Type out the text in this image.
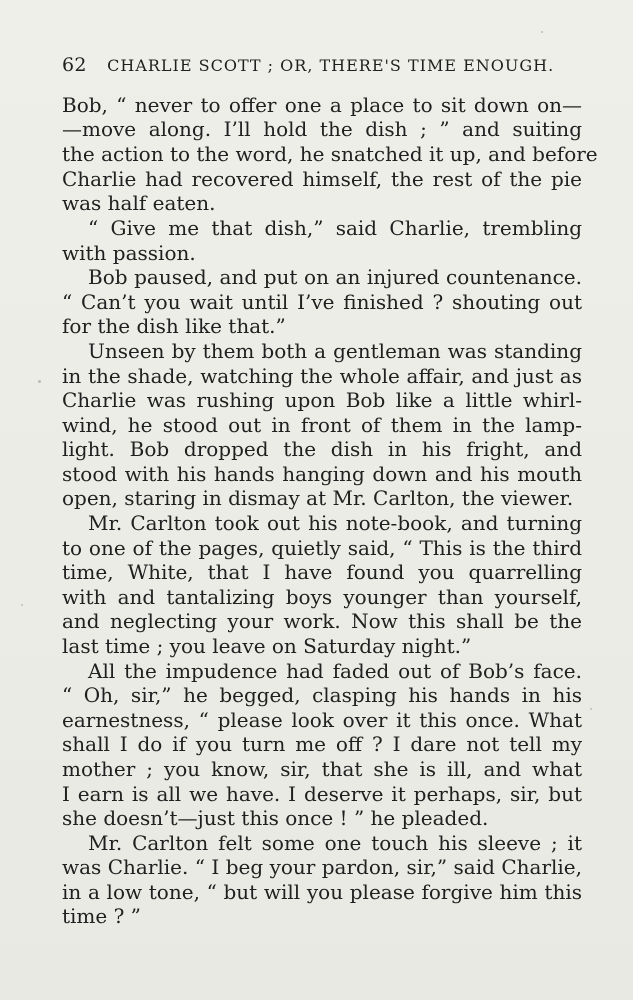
62 CHARLIE SCOTT ; OR, THERE'S TIME ENOUGH.
Bob, “ never to offer one a place to sit down on—
—move along. I’ll hold the dish ; ” and suiting
the action to the word, he snatched it up, and before
Charlie had recovered himself, the rest of the pie
was half eaten.
“ Give me that dish,” said Charlie, trembling
with passion.
Bob paused, and put on an injured countenance.
“ Can’t you wait until I’ve finished ? shouting out
for the dish like that.”
Unseen by them both a gentleman was standing
in the shade, watching the whole affair, and just as
Charlie was rushing upon Bob like a little whirl-
wind, he stood out in front of them in the lamp-
light. Bob dropped the dish in his fright, and
stood with his hands hanging down and his mouth
open, staring in dismay at Mr. Carlton, the viewer.
Mr. Carlton took out his note-book, and turning
to one of the pages, quietly said, “ This is the third
time, White, that I have found you quarrelling
with and tantalizing boys younger than yourself,
and neglecting your work. Now this shall be the
last time ; you leave on Saturday night.”
All the impudence had faded out of Bob’s face.
“ Oh, sir,” he begged, clasping his hands in his
earnestness, “ please look over it this once. What
shall I do if you turn me off ? I dare not tell my
mother ; you know, sir, that she is ill, and what
I earn is all we have. I deserve it perhaps, sir, but
she doesn’t—just this once ! ” he pleaded.
Mr. Carlton felt some one touch his sleeve ; it
was Charlie. “ I beg your pardon, sir,” said Charlie,
in a low tone, “ but will you please forgive him this
time ? ”
